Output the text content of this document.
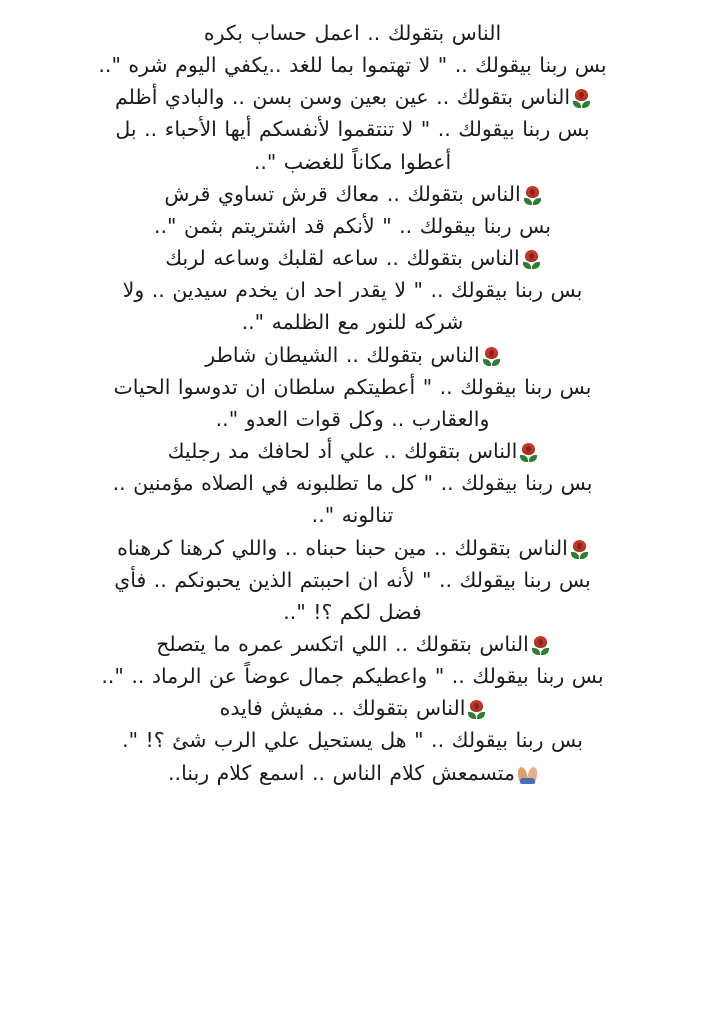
الناس بتقولك .. اعمل حساب بكره

بس ربنا بيقولك .. " لا تهتموا بما للغد ..يكفي اليوم شره "..

الناس بتقولك .. عين بعين وسن بسن .. والبادي أظلم

بس ربنا بيقولك .. " لا تنتقموا لأنفسكم أيها الأحباء .. بل

أعطوا مكاناً للغضب "..

الناس بتقولك .. معاك قرش تساوي قرش

بس ربنا بيقولك .. " لأنكم قد اشتريتم بثمن "..

الناس بتقولك .. ساعه لقلبك وساعه لربك

بس ربنا بيقولك .. " لا يقدر احد ان يخدم سيدين .. ولا

شركه للنور مع الظلمه "..

الناس بتقولك .. الشيطان شاطر

بس ربنا بيقولك .. " أعطيتكم سلطان ان تدوسوا الحيات

والعقارب .. وكل قوات العدو "..

الناس بتقولك .. علي أد لحافك مد رجليك

بس ربنا بيقولك .. " كل ما تطلبونه في الصلاه مؤمنين ..

تنالونه "..

الناس بتقولك .. مين حبنا حبناه .. واللي كرهنا كرهناه

بس ربنا بيقولك .. " لأنه ان احببتم الذين يحبونكم .. فأي

فضل لكم ؟! "..

الناس بتقولك .. اللي اتكسر عمره ما يتصلح

بس ربنا بيقولك .. " واعطيكم جمال عوضاً عن الرماد .. "..

الناس بتقولك .. مفيش فايده

بس ربنا بيقولك .. " هل يستحيل علي الرب شئ ؟! ".

متسمعش كلام الناس .. اسمع كلام ربنا..
